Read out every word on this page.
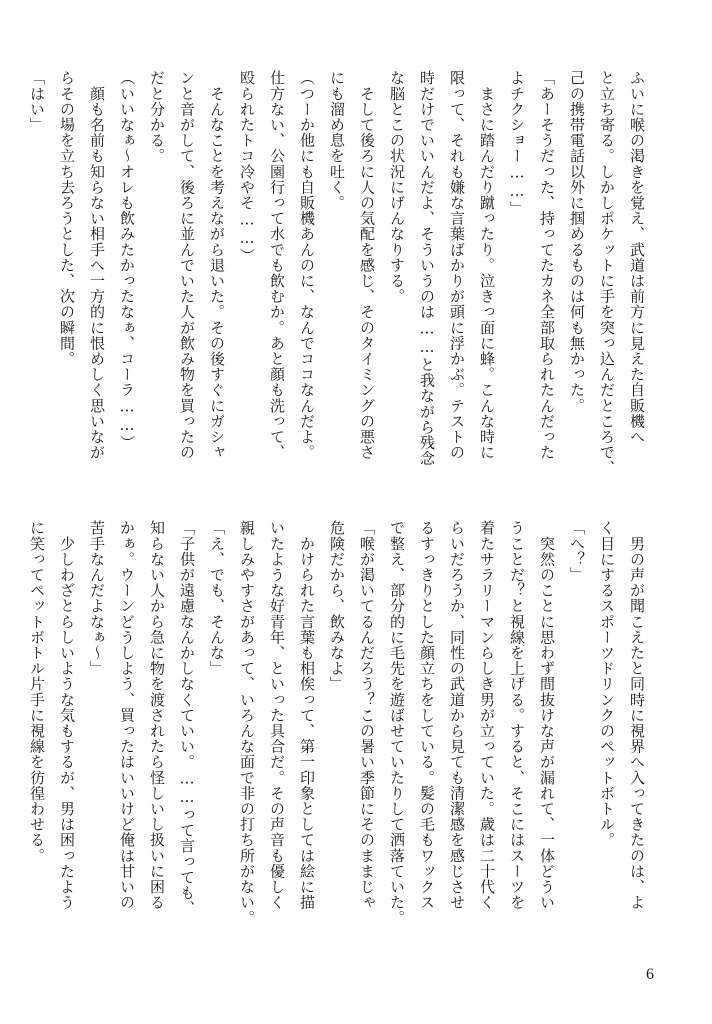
ふいに喉の渇きを覚え、武道は前方に見えた自販機へ
と立ち寄る。しかしポケットに手を突っ込んだところで、
己の携帯電話以外に掴めるものは何も無かった。
「あーそうだった、持ってたカネ全部取られたんだった
よチクショー……」
　まさに踏んだり蹴ったり。泣きっ面に蜂。こんな時に
限って、それも嫌な言葉ばかりが頭に浮かぶ。テストの
時だけでいいんだよ、そういうのは……と我ながら残念
な脳とこの状況にげんなりする。
　そして後ろに人の気配を感じ、そのタイミングの悪さ
にも溜め息を吐く。
（つーか他にも自販機あんのに、なんでココなんだよ。
仕方ない、公園行って水でも飲むか。あと顔も洗って、
殴られたトコ冷やそ……）
　そんなことを考えながら退いた。その後すぐにガシャ
ンと音がして、後ろに並んでいた人が飲み物を買ったの
だと分かる。
（いいなぁ〜オレも飲みたかったなぁ、コーラ……）
　顔も名前も知らない相手へ一方的に恨めしく思いなが
らその場を立ち去ろうとした、次の瞬間。
「はい」
　男の声が聞こえたと同時に視界へ入ってきたのは、よ
く目にするスポーツドリンクのペットボトル。
「へ？」
　突然のことに思わず間抜けな声が漏れて、一体どうい
うことだ？と視線を上げる。すると、そこにはスーツを
着たサラリーマンらしき男が立っていた。歳は二十代く
らいだろうか、同性の武道から見ても清潔感を感じさせ
るすっきりとした顔立ちをしている。髪の毛もワックス
で整え、部分的に毛先を遊ばせていたりして洒落ていた。
「喉が渇いてるんだろう？この暑い季節にそのままじゃ
危険だから、飲みなよ」
　かけられた言葉も相俟って、第一印象としては絵に描
いたような好青年、といった具合だ。その声音も優しく
親しみやすさがあって、いろんな面で非の打ち所がない。
「え、でも、そんな」
「子供が遠慮なんかしなくていい。……って言っても、
知らない人から急に物を渡されたら怪しいし扱いに困る
かぁ。ウーンどうしよう、買ったはいいけど俺は甘いの
苦手なんだよなぁ〜」
　少しわざとらしいような気もするが、男は困ったよう
に笑ってペットボトル片手に視線を彷徨わせる。
6
